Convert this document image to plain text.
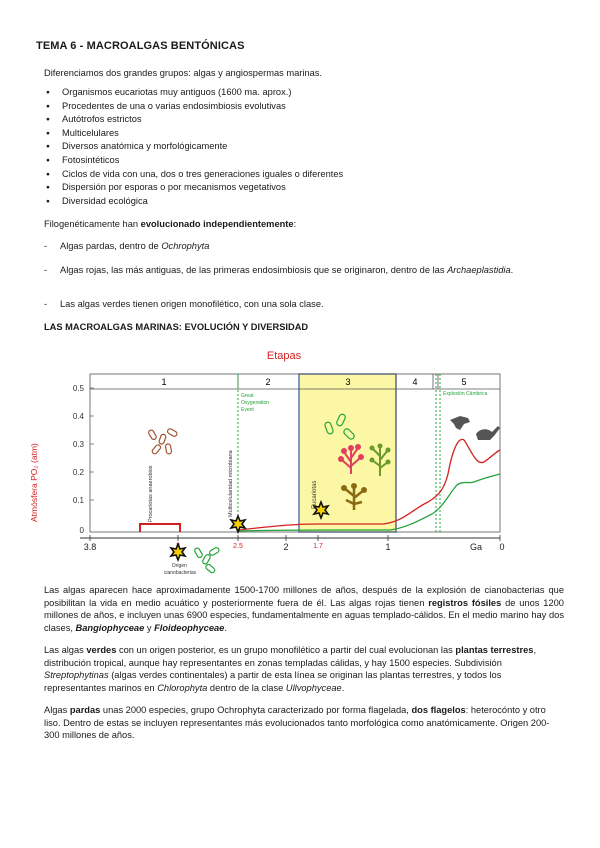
TEMA 6 - MACROALGAS BENTÓNICAS

Diferenciamos dos grandes grupos: algas y angiospermas marinas.

● Organismos eucariotas muy antiguos (1600 ma. aprox.)
● Procedentes de una o varias endosimbiosis evolutivas
● Autótrofos estrictos
● Multicelulares
● Diversos anatómica y morfológicamente
● Fotosintéticos
● Ciclos de vida con una, dos o tres generaciones iguales o diferentes
● Dispersión por esporas o por mecanismos vegetativos
● Diversidad ecológica

Filogenéticamente han evolucionado independientemente:

-	Algas pardas, dentro de Ochrophyta

-	Algas rojas, las más antiguas, de las primeras endosimbiosis que se originaron, dentro de las Archaeplastidia.

-	Las algas verdes tienen origen monofilético, con una sola clase.

LAS MACROALGAS MARINAS: EVOLUCIÓN Y DIVERSIDAD
Etapas
1	2	3	4	5
0.5
0.4
0.3
0.2
0.1
0
Atmósfera PO₂ (atm)
3.8	2.5	2	1.7	1	Ga 0
Procariotas anaerobios
Great Oxygenation Event
Explosión Cámbrica
Multicelularidad microbiana	Eucariotas
Origen cianobacterias

Las algas aparecen hace aproximadamente 1500-1700 millones de años, después de la explosión de cianobacterias que posibilitan la vida en medio acuático y posteriormente fuera de él. Las algas rojas tienen registros fósiles de unos 1200 millones de años, e incluyen unas 6900 especies, fundamentalmente en aguas templado-cálidos. En el medio marino hay dos clases, Bangiophyceae y Floideophyceae.

Las algas verdes con un origen posterior, es un grupo monofilético a partir del cual evolucionan las plantas terrestres, distribución tropical, aunque hay representantes en zonas templadas cálidas, y hay 1500 especies. Subdivisión Streptophytinas (algas verdes continentales) a partir de esta línea se originan las plantas terrestres, y todos los representantes marinos en Chlorophyta dentro de la clase Ullvophyceae.

Algas pardas unas 2000 especies, grupo Ochrophyta caracterizado por forma flagelada, dos flagelos: heterocónto y otro liso. Dentro de estas se incluyen representantes más evolucionados tanto morfológica como anatómicamente. Origen 200-300 millones de años.
